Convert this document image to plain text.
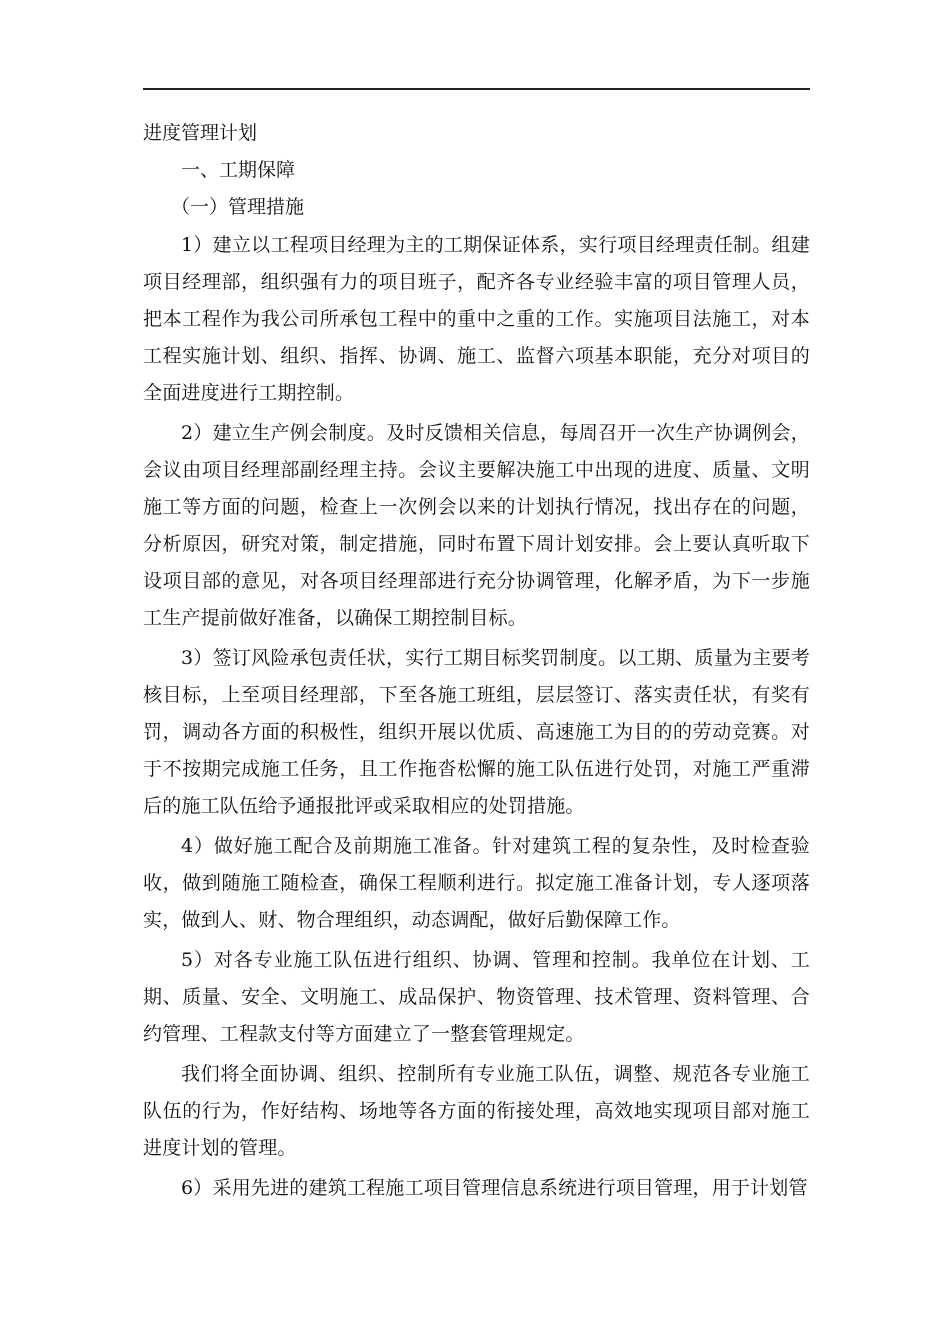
进度管理计划

一、工期保障

（一）管理措施

1）建立以工程项目经理为主的工期保证体系，实行项目经理责任制。组建项目经理部，组织强有力的项目班子，配齐各专业经验丰富的项目管理人员，把本工程作为我公司所承包工程中的重中之重的工作。实施项目法施工，对本工程实施计划、组织、指挥、协调、施工、监督六项基本职能，充分对项目的全面进度进行工期控制。

2）建立生产例会制度。及时反馈相关信息，每周召开一次生产协调例会，会议由项目经理部副经理主持。会议主要解决施工中出现的进度、质量、文明施工等方面的问题，检查上一次例会以来的计划执行情况，找出存在的问题，分析原因，研究对策，制定措施，同时布置下周计划安排。会上要认真听取下设项目部的意见，对各项目经理部进行充分协调管理，化解矛盾，为下一步施工生产提前做好准备，以确保工期控制目标。

3）签订风险承包责任状，实行工期目标奖罚制度。以工期、质量为主要考核目标，上至项目经理部，下至各施工班组，层层签订、落实责任状，有奖有罚，调动各方面的积极性，组织开展以优质、高速施工为目的的劳动竞赛。对于不按期完成施工任务，且工作拖沓松懈的施工队伍进行处罚，对施工严重滞后的施工队伍给予通报批评或采取相应的处罚措施。

4）做好施工配合及前期施工准备。针对建筑工程的复杂性，及时检查验收，做到随施工随检查，确保工程顺利进行。拟定施工准备计划，专人逐项落实，做到人、财、物合理组织，动态调配，做好后勤保障工作。

5）对各专业施工队伍进行组织、协调、管理和控制。我单位在计划、工期、质量、安全、文明施工、成品保护、物资管理、技术管理、资料管理、合约管理、工程款支付等方面建立了一整套管理规定。

我们将全面协调、组织、控制所有专业施工队伍，调整、规范各专业施工队伍的行为，作好结构、场地等各方面的衔接处理，高效地实现项目部对施工进度计划的管理。

6）采用先进的建筑工程施工项目管理信息系统进行项目管理，用于计划管
